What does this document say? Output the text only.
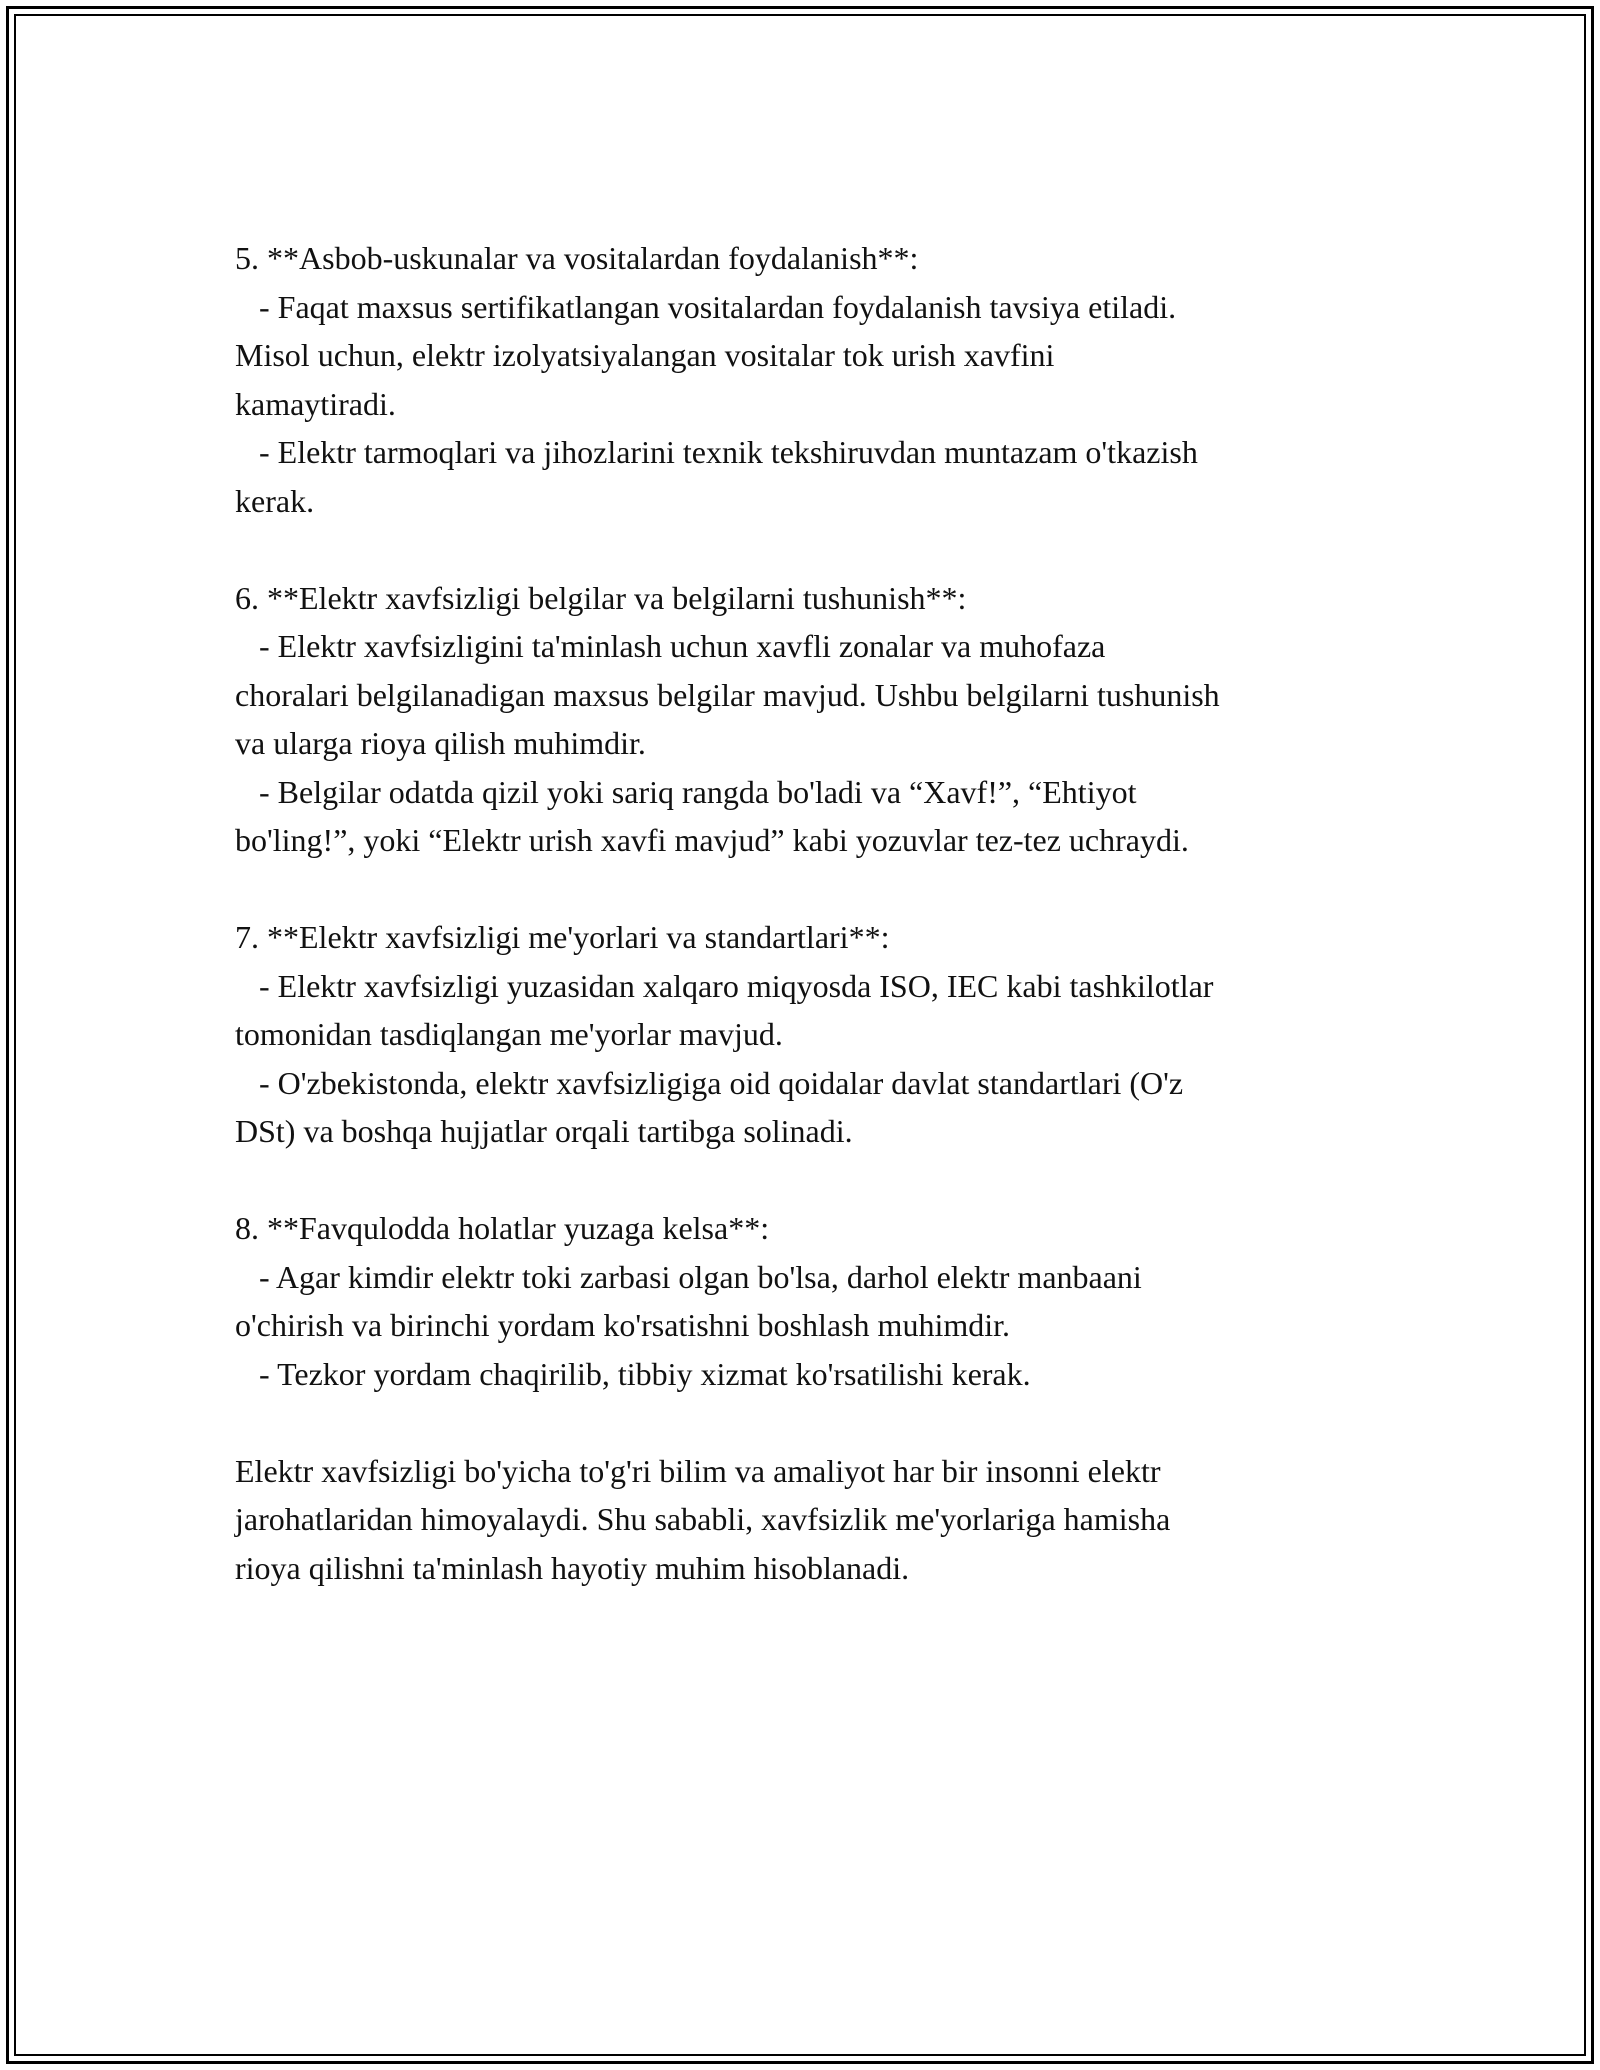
5. **Asbob-uskunalar va vositalardan foydalanish**:
- Faqat maxsus sertifikatlangan vositalardan foydalanish tavsiya etiladi.
Misol uchun, elektr izolyatsiyalangan vositalar tok urish xavfini
kamaytiradi.
- Elektr tarmoqlari va jihozlarini texnik tekshiruvdan muntazam o'tkazish
kerak.
6. **Elektr xavfsizligi belgilar va belgilarni tushunish**:
- Elektr xavfsizligini ta'minlash uchun xavfli zonalar va muhofaza
choralari belgilanadigan maxsus belgilar mavjud. Ushbu belgilarni tushunish
va ularga rioya qilish muhimdir.
- Belgilar odatda qizil yoki sariq rangda bo'ladi va “Xavf!”, “Ehtiyot
bo'ling!”, yoki “Elektr urish xavfi mavjud” kabi yozuvlar tez-tez uchraydi.
7. **Elektr xavfsizligi me'yorlari va standartlari**:
- Elektr xavfsizligi yuzasidan xalqaro miqyosda ISO, IEC kabi tashkilotlar
tomonidan tasdiqlangan me'yorlar mavjud.
- O'zbekistonda, elektr xavfsizligiga oid qoidalar davlat standartlari (O'z
DSt) va boshqa hujjatlar orqali tartibga solinadi.
8. **Favqulodda holatlar yuzaga kelsa**:
- Agar kimdir elektr toki zarbasi olgan bo'lsa, darhol elektr manbaani
o'chirish va birinchi yordam ko'rsatishni boshlash muhimdir.
- Tezkor yordam chaqirilib, tibbiy xizmat ko'rsatilishi kerak.

Elektr xavfsizligi bo'yicha to'g'ri bilim va amaliyot har bir insonni elektr
jarohatlaridan himoyalaydi. Shu sababli, xavfsizlik me'yorlariga hamisha
rioya qilishni ta'minlash hayotiy muhim hisoblanadi.
